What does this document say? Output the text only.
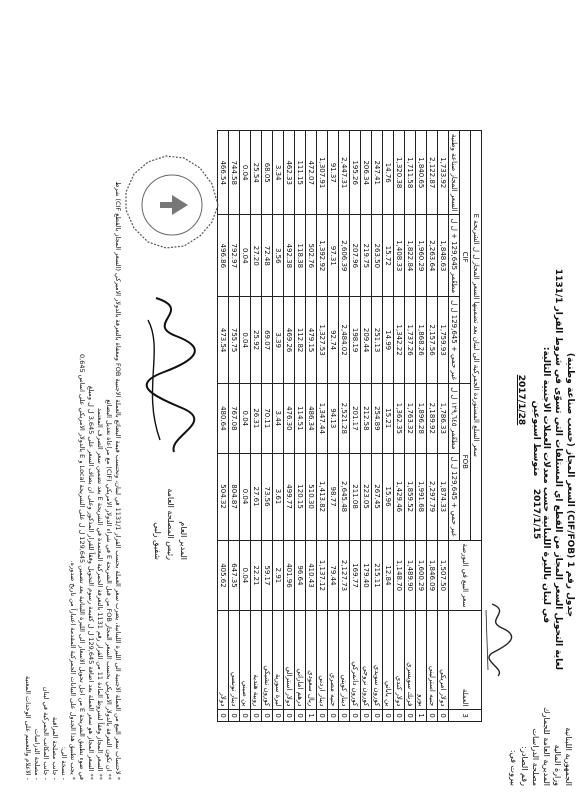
الجمهورية اللبنانية
وزارة المالية
المديرية العامة للجمارك
مصلحة الدراسات
رقم الصادر:
بيروت في:
جدول رقم 1 (CIF/FOB) السعر المجاز (حسب صناعة وطنية)
لغاية التحويل السعر المجاز من القطع اي المستلفات التي تسوّى في شروط القرار 1131/1
في لبنان بالليرة اللبنانية حسب معدلات العملات الاجنبية التالية:
2017/1/15    متوسط اسبوعين
2017/1/28
3	العملة	سعر البيع في البورصة	سعر السلع المستوردة الجمركية الى لبنان بعد تضمينها السعر المجاز ل ل الشريحة E				
			FOB		CIF		
			غير حمي + 129,645 ل ل	مطعّمر ١٢٩,٦٤٥ ل ل	غير حمي + 129,645 ل ل	مطعّمر 129,645 + ل ل	السعر المجاز صناعة وطنية
0	دولار امريكي	1,507.50	1,874.33	1,786.33	1,759.93	1,848.63	1,733.92
0	جنيه استرليني	1,846.09	2,297.79	2,189.92	2,157.56	2,263.64	2,122.87
1	يورو	1,600.29	1,991.68	1,896.28	1,868.26	1,960.29	1,840.65
0	فرنك سويسري	1,489.90	1,859.52	1,763.32	1,737.26	1,822.84	1,711.58
0	دولار كندي	1,148.70	1,429.46	1,362.35	1,342.22	1,408.33	1,320.38
0	ين ياباني	12.84	15.96	15.21	14.99	15.72	14.76
0	كورون سويدي	215.11	267.45	254.89	251.13	263.50	247.41
0	كورون نروجي	179.40	223.05	212.58	209.44	219.75	206.34
0	كورون دانمركي	169.77	211.08	201.17	198.19	207.96	195.26
0	دينار كويتي	2,127.73	2,645.48	2,521.28	2,484.02	2,606.39	2,447.31
0	جنيه مصري	79.44	98.77	94.13	92.74	97.31	91.37
0	دينار اردني	1,137.12	1,413.82	1,347.44	1,327.53	1,392.92	1,307.91
1	ريال سعودي	410.43	510.30	486.34	479.15	502.76	472.07
0	درهم اماراتي	96.64	120.15	114.51	112.82	118.38	111.15
0	دولار استرالي	401.96	499.77	476.30	469.26	492.38	462.33
0	ليرة سورية	2.91	3.61	3.44	3.39	3.56	3.34
0	كورون تشيكي	59.17	73.56	70.11	69.07	72.48	68.05
0	روبية هندية	22.21	27.61	26.31	25.92	27.20	25.54
0	ين صيني	0.04	0.04	0.04	0.04	0.04	0.04
0	دينار تونسي	647.35	804.87	767.08	755.75	792.97	744.58
0	دولار	405.62	504.32	480.64	473.54	496.86	466.54
المدير العام
رئيس المصلحة العامة
شفيق زلبي
* لاحتساب سعر البيع من العملة الاجنبية الى الليرة اللبنانية، يضرب سعر العملة بحسب القرار 1131/1 في لبنان، وتحتسب قيمة البضائع بالعملة الاجنبية FOB ومعفاة بالتعرفة بالدولار الاميركي (السعر المجاز بالقطع CIF) شرط
** ان تكون التعرفة بالدولار الامريكي بحسب السعر المجاز FOB من قبل الشريحة E في شراء الدولار الامريكي (CIF) مع مراعاة تعديل البضائع
** السعر المجاز وفقاً لشروط المادة 11 من القرار رقم 1131 بالتعرفة الجمركية المعتمدة في الشريحة E بعد تضمين سعر الصرف المعتمد
** السعر المجاز هو سعر العملة بعد اضافة 129,645 ل ل كقيمة رسوم التحويل وفقاً للقرار المذكور وعلى ان يضاف السعر على 3,645 ل ل ومبلغ
في ضوء تطبيق الشريحة E من اجل تحويل الاسعار الى الليرة اللبنانية بعد تضمين 129,645 ل ل على الشريحة Local و E بالدولار الامريكي على اساس 0,645
* يجب تطبيق هذا الجدول على البيانات الجمركية المقدمة اعتباراً من تاريخ صدوره.
- نسخة الى:
- جانب مصلحة المراقبة
- جانب المكاتب الجمركية في لبنان
- مصلحة الدراسات
- الاعلام والتعميم على الوحدات المعنية
